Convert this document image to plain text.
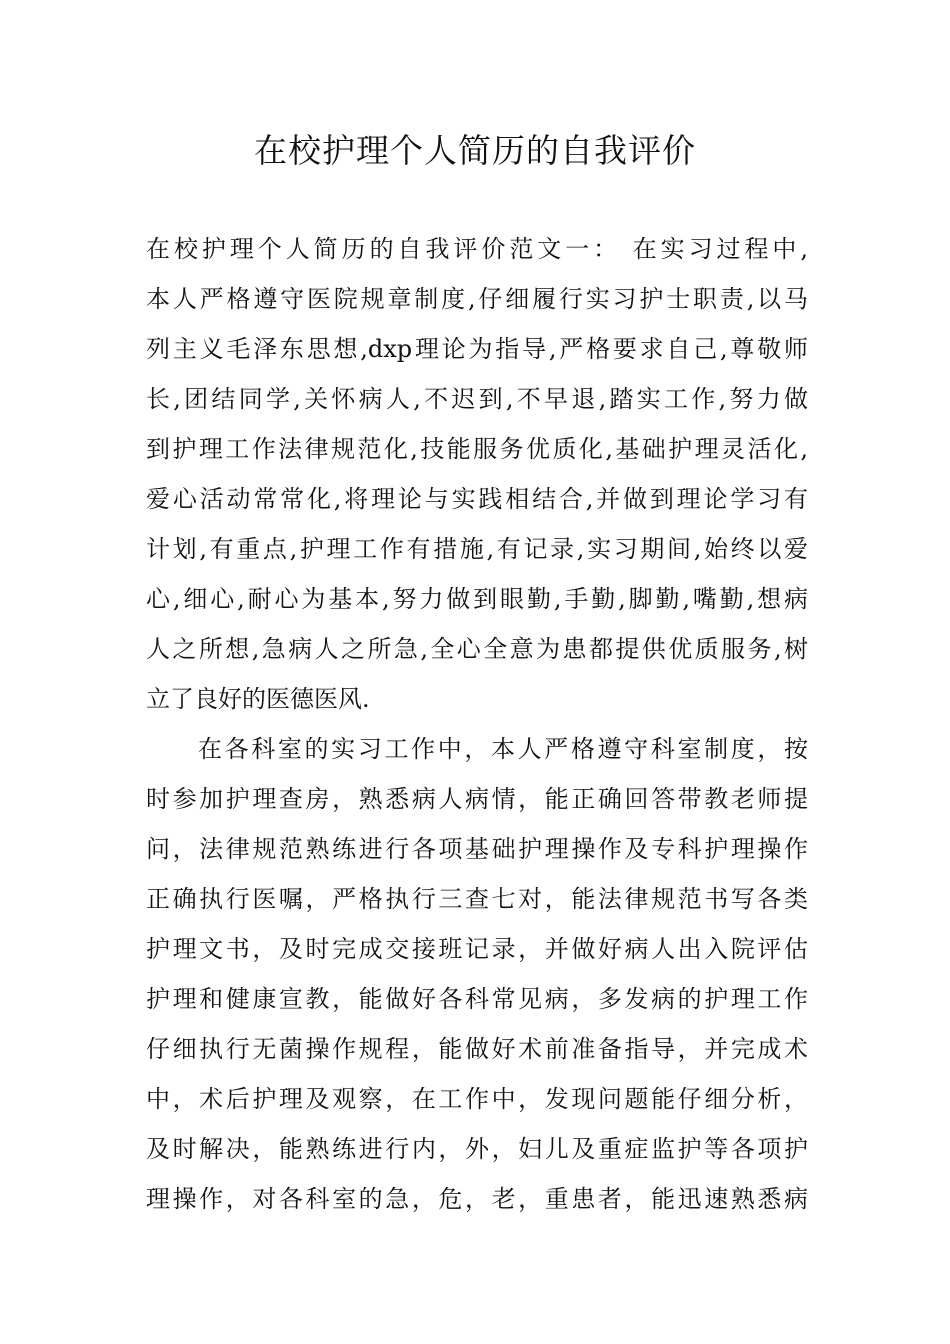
在校护理个人简历的自我评价
在校护理个人简历的自我评价范文一： 在实习过程中,
本人严格遵守医院规章制度,仔细履行实习护士职责,以马
列主义毛泽东思想,dxp理论为指导,严格要求自己,尊敬师
长,团结同学,关怀病人,不迟到,不早退,踏实工作,努力做
到护理工作法律规范化,技能服务优质化,基础护理灵活化,
爱心活动常常化,将理论与实践相结合,并做到理论学习有
计划,有重点,护理工作有措施,有记录,实习期间,始终以爱
心,细心,耐心为基本,努力做到眼勤,手勤,脚勤,嘴勤,想病
人之所想,急病人之所急,全心全意为患都提供优质服务,树
立了良好的医德医风.
在各科室的实习工作中，本人严格遵守科室制度，按
时参加护理查房，熟悉病人病情，能正确回答带教老师提
问，法律规范熟练进行各项基础护理操作及专科护理操作
正确执行医嘱，严格执行三查七对，能法律规范书写各类
护理文书，及时完成交接班记录，并做好病人出入院评估
护理和健康宣教，能做好各科常见病，多发病的护理工作
仔细执行无菌操作规程，能做好术前准备指导，并完成术
中，术后护理及观察，在工作中，发现问题能仔细分析，
及时解决，能熟练进行内，外，妇儿及重症监护等各项护
理操作，对各科室的急，危，老，重患者，能迅速熟悉病
